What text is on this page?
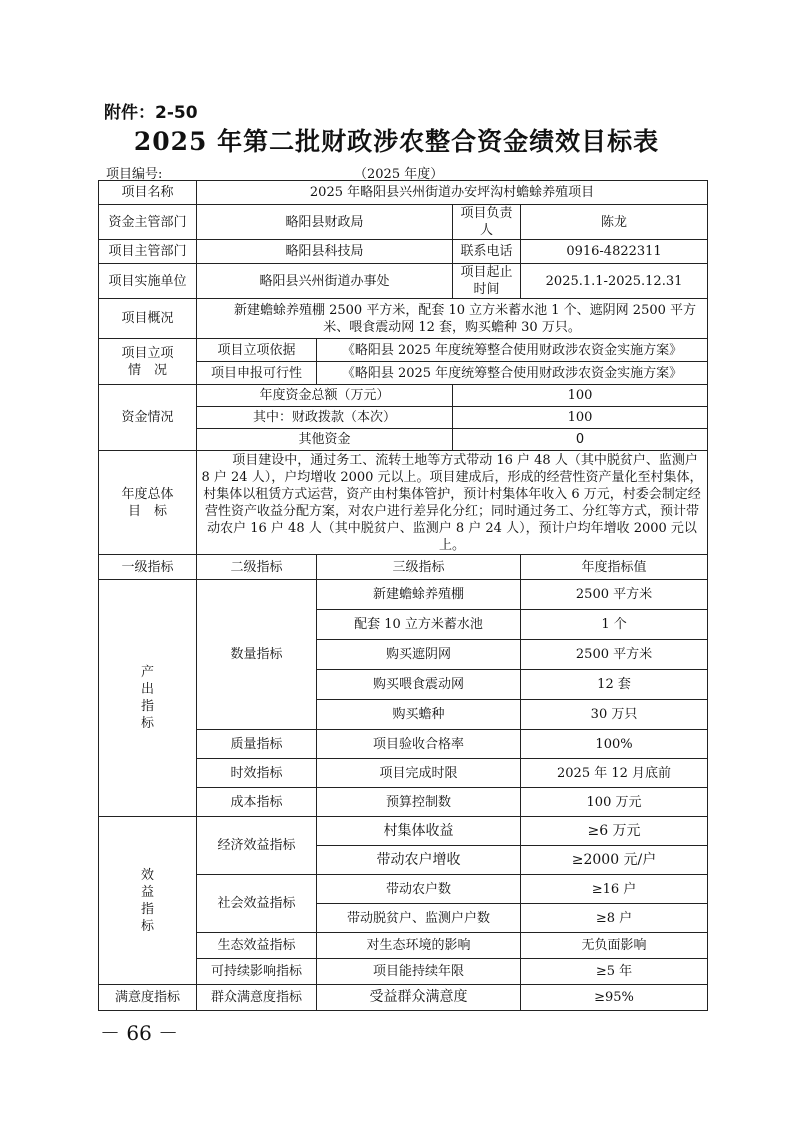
附件：2-50
2025 年第二批财政涉农整合资金绩效目标表
项目编号:	（2025 年度）
项目名称	2025 年略阳县兴州街道办安坪沟村蟾蜍养殖项目			
资金主管部门	略阳县财政局		项目负责人	陈龙
项目主管部门	略阳县科技局		联系电话	0916-4822311
项目实施单位	略阳县兴州街道办事处		项目起止时间	2025.1.1-2025.12.31
项目概况	新建蟾蜍养殖棚 2500 平方米，配套 10 立方米蓄水池 1 个、遮阴网 2500 平方米、喂食震动网 12 套，购买蟾种 30 万只。			

项目立项
情　况	项目立项依据	《略阳县 2025 年度统筹整合使用财政涉农资金实施方案》		
	项目申报可行性	《略阳县 2025 年度统筹整合使用财政涉农资金实施方案》		
资金情况	年度资金总额（万元）		100	
	其中：财政拨款（本次）		100	
	其他资金		0	

年度总体
目　标	项目建设中，通过务工、流转土地等方式带动 16 户 48 人（其中脱贫户、监测户 8 户 24 人），户均增收 2000 元以上。项目建成后，形成的经营性资产量化至村集体，村集体以租赁方式运营，资产由村集体管护，预计村集体年收入 6 万元，村委会制定经营性资产收益分配方案，对农户进行差异化分红；同时通过务工、分红等方式，预计带动农户 16 户 48 人（其中脱贫户、监测户 8 户 24 人），预计户均年增收 2000 元以上。			
一级指标	二级指标	三级指标		年度指标值

产
出
指
标	数量指标	新建蟾蜍养殖棚		2500 平方米
		配套 10 立方米蓄水池		1 个
		购买遮阴网		2500 平方米
		购买喂食震动网		12 套
		购买蟾种		30 万只
	质量指标	项目验收合格率		100%
	时效指标	项目完成时限		2025 年 12 月底前
	成本指标	预算控制数		100 万元

效
益
指
标	经济效益指标	村集体收益		≥6 万元
		带动农户增收		≥2000 元/户
	社会效益指标	带动农户数		≥16 户
		带动脱贫户、监测户户数		≥8 户
	生态效益指标	对生态环境的影响		无负面影响
	可持续影响指标	项目能持续年限		≥5 年
满意度指标	群众满意度指标	受益群众满意度		≥95%
－ 66 －
